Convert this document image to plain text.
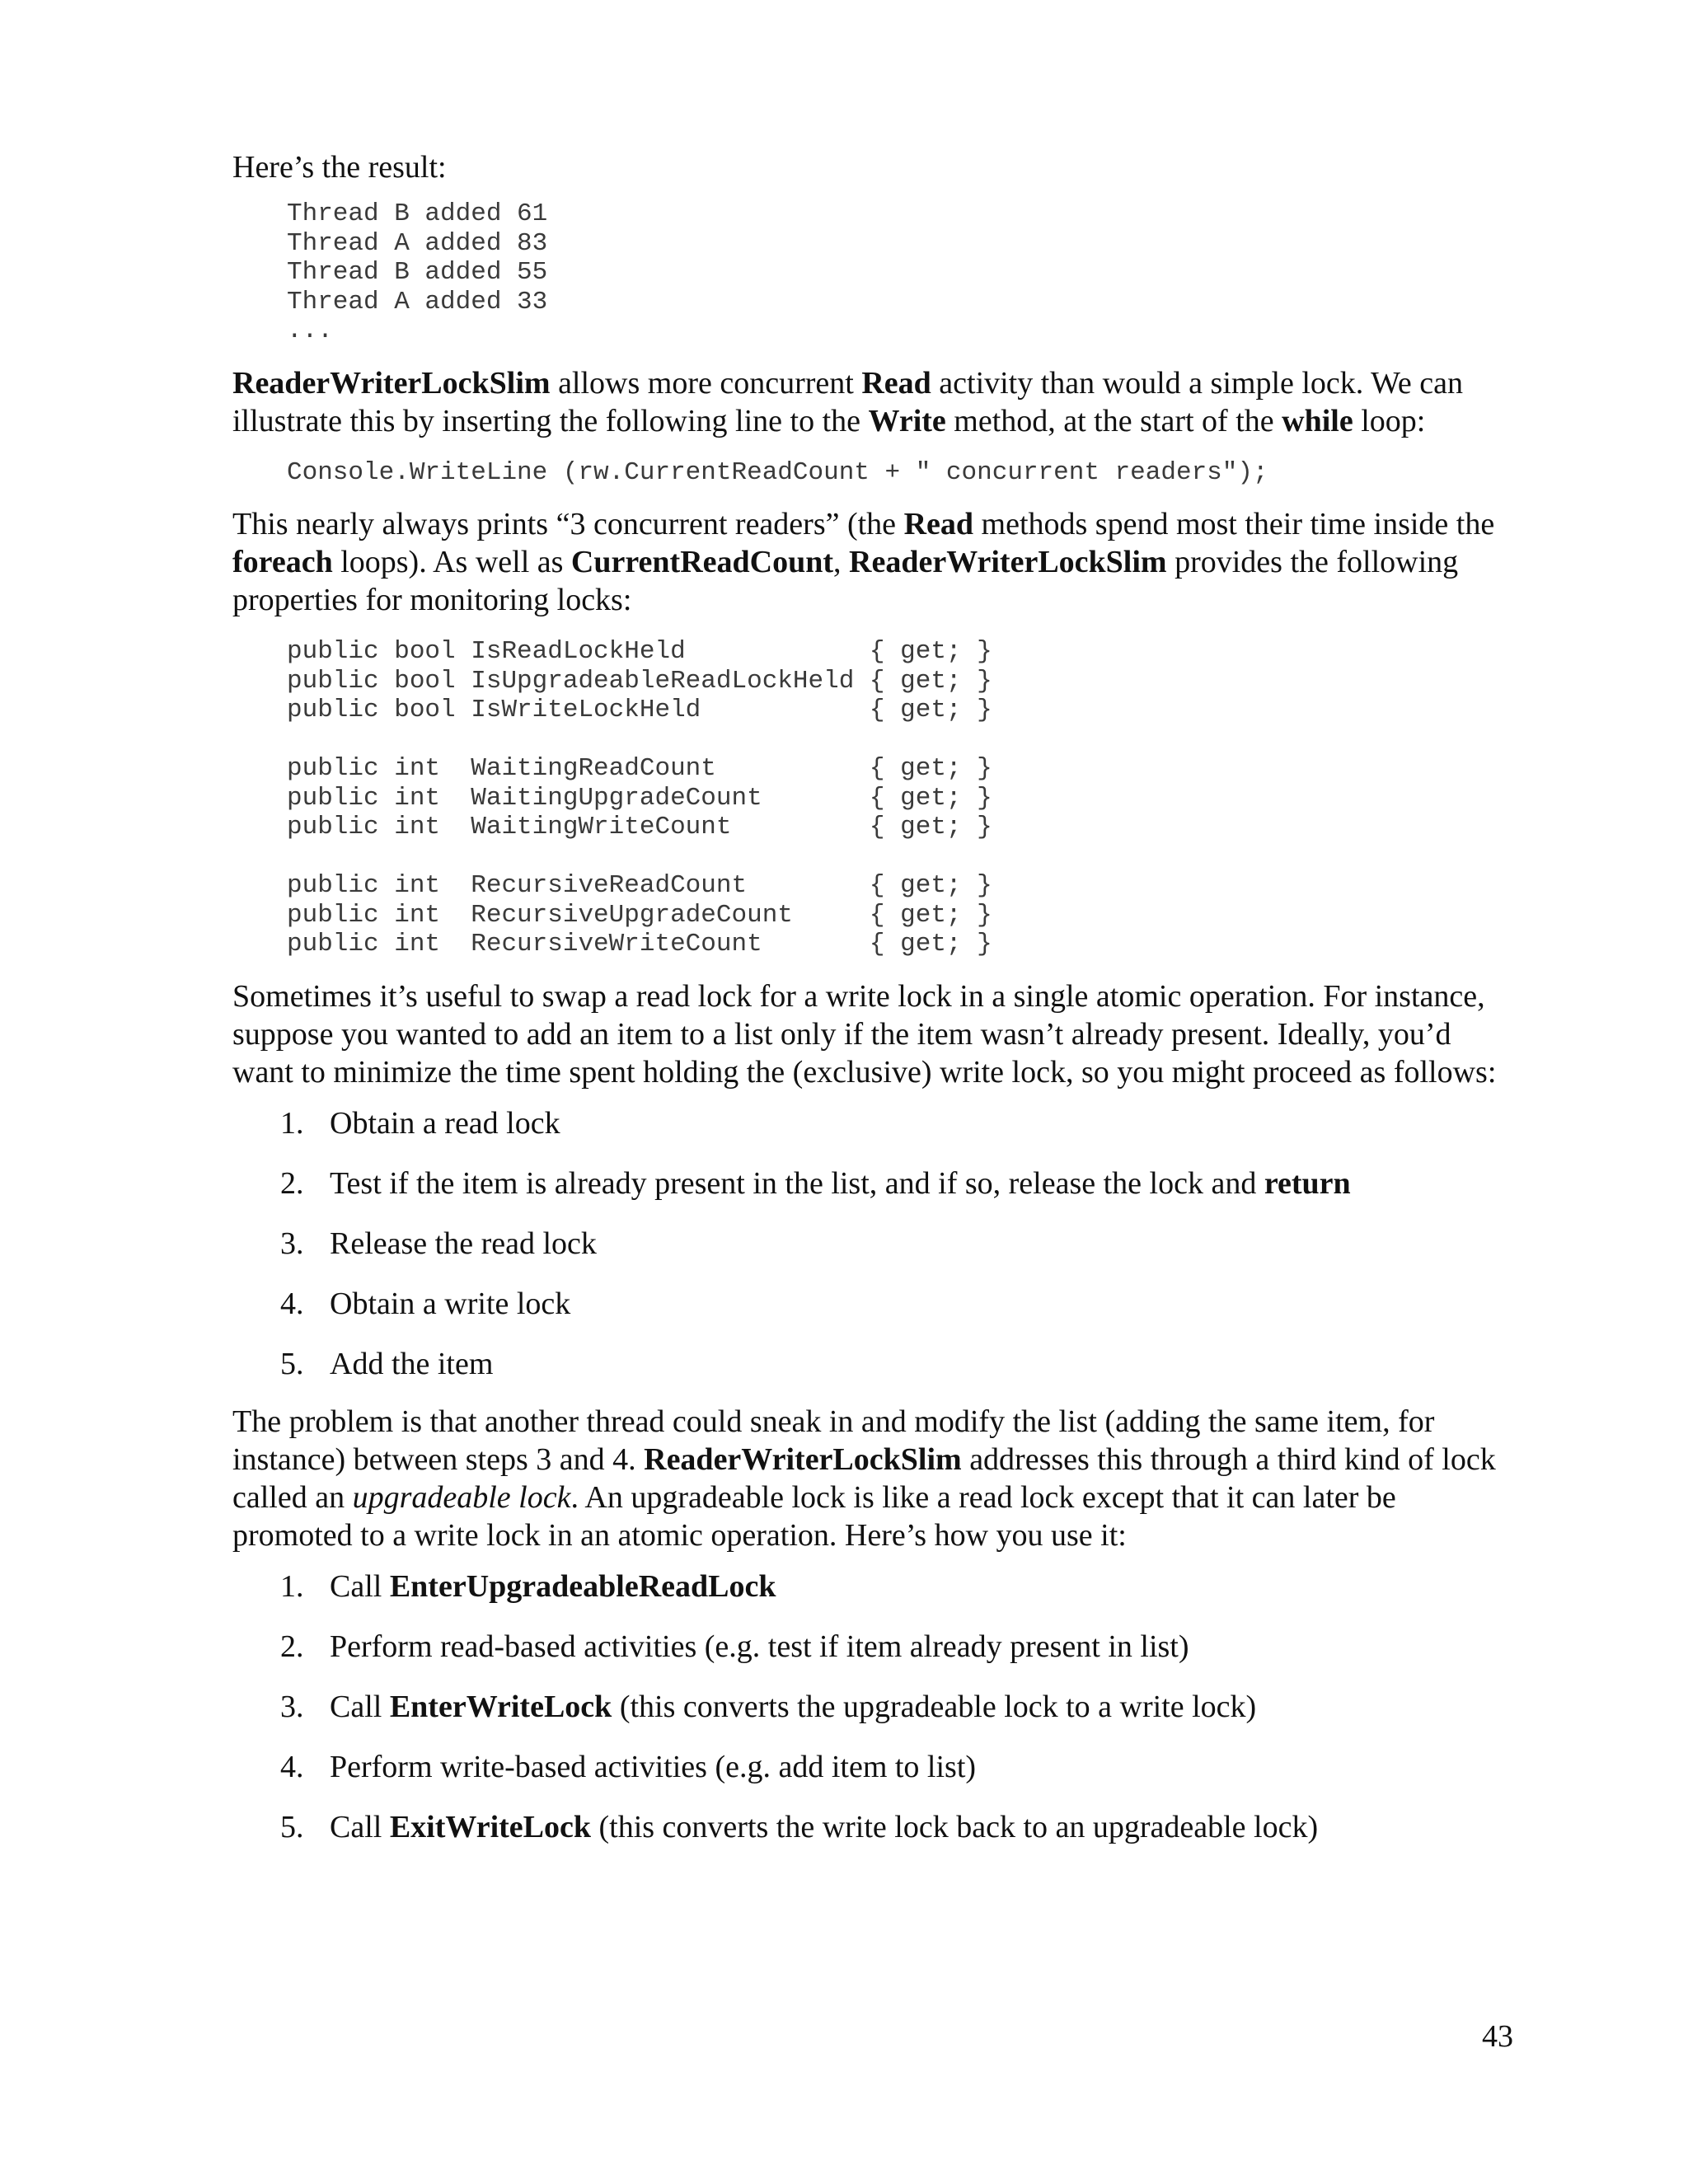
Here’s the result:

Thread B added 61
Thread A added 83
Thread B added 55
Thread A added 33
...

ReaderWriterLockSlim allows more concurrent Read activity than would a simple lock. We can illustrate this by inserting the following line to the Write method, at the start of the while loop:

Console.WriteLine (rw.CurrentReadCount + " concurrent readers");

This nearly always prints “3 concurrent readers” (the Read methods spend most their time inside the foreach loops). As well as CurrentReadCount, ReaderWriterLockSlim provides the following properties for monitoring locks:

public bool IsReadLockHeld            { get; }
public bool IsUpgradeableReadLockHeld { get; }
public bool IsWriteLockHeld           { get; }

public int  WaitingReadCount          { get; }
public int  WaitingUpgradeCount       { get; }
public int  WaitingWriteCount         { get; }

public int  RecursiveReadCount        { get; }
public int  RecursiveUpgradeCount     { get; }
public int  RecursiveWriteCount       { get; }

Sometimes it’s useful to swap a read lock for a write lock in a single atomic operation. For instance, suppose you wanted to add an item to a list only if the item wasn’t already present. Ideally, you’d want to minimize the time spent holding the (exclusive) write lock, so you might proceed as follows:

1. Obtain a read lock
2. Test if the item is already present in the list, and if so, release the lock and return
3. Release the read lock
4. Obtain a write lock
5. Add the item

The problem is that another thread could sneak in and modify the list (adding the same item, for instance) between steps 3 and 4. ReaderWriterLockSlim addresses this through a third kind of lock called an upgradeable lock. An upgradeable lock is like a read lock except that it can later be promoted to a write lock in an atomic operation. Here’s how you use it:

1. Call EnterUpgradeableReadLock
2. Perform read-based activities (e.g. test if item already present in list)
3. Call EnterWriteLock (this converts the upgradeable lock to a write lock)
4. Perform write-based activities (e.g. add item to list)
5. Call ExitWriteLock (this converts the write lock back to an upgradeable lock)
43
